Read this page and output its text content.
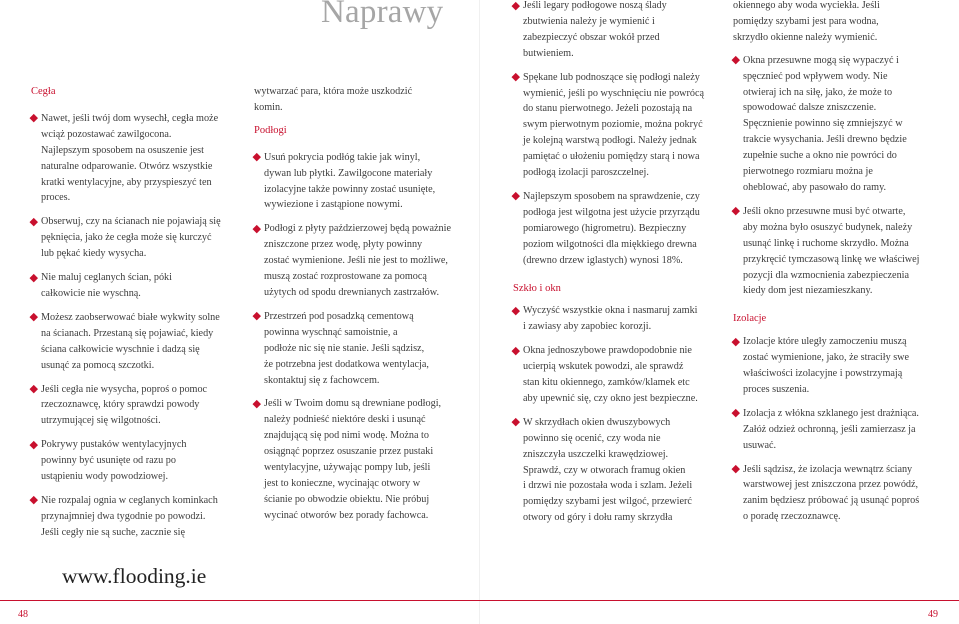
Naprawy
Cegła
Nawet, jeśli twój dom wysechł, cegła może
wciąż pozostawać zawilgocona.
Najlepszym sposobem na osuszenie jest
naturalne odparowanie. Otwórz wszystkie
kratki wentylacyjne, aby przyspieszyć ten
proces.
Obserwuj, czy na ścianach nie pojawiają się
pęknięcia, jako że cegła może się kurczyć
lub pękać kiedy wysycha.
Nie maluj ceglanych ścian, póki
całkowicie nie wyschną.
Możesz zaobserwować białe wykwity solne
na ścianach. Przestaną się pojawiać, kiedy
ściana całkowicie wyschnie i dadzą się
usunąć za pomocą szczotki.
Jeśli cegła nie wysycha, poproś o pomoc
rzeczoznawcę, który sprawdzi powody
utrzymującej się wilgotności.
Pokrywy pustaków wentylacyjnych
powinny być usunięte od razu po
ustąpieniu wody powodziowej.
Nie rozpalaj ognia w ceglanych kominkach
przynajmniej dwa tygodnie po powodzi.
Jeśli cegły nie są suche, zacznie się
wytwarzać para, która może uszkodzić
komin.
Podłogi
Usuń pokrycia podłóg takie jak winyl,
dywan lub płytki. Zawilgocone materiały
izolacyjne także powinny zostać usunięte,
wywiezione i zastąpione nowymi.
Podłogi z płyty paździerzowej będą poważnie
zniszczone przez wodę, płyty powinny
zostać wymienione. Jeśli nie jest to możliwe,
muszą zostać rozprostowane za pomocą
użytych od spodu drewnianych zastrzałów.
Przestrzeń pod posadzką cementową
powinna wyschnąć samoistnie, a
podłoże nic się nie stanie. Jeśli sądzisz,
że potrzebna jest dodatkowa wentylacja,
skontaktuj się z fachowcem.
Jeśli w Twoim domu są drewniane podłogi,
należy podnieść niektóre deski i usunąć
znajdującą się pod nimi wodę. Można to
osiągnąć poprzez osuszanie przez pustaki
wentylacyjne, używając pompy lub, jeśli
jest to konieczne, wycinając otwory w
ścianie po obwodzie obiektu. Nie próbuj
wycinać otworów bez porady fachowca.
Jeśli legary podłogowe noszą ślady
zbutwienia należy je wymienić i
zabezpieczyć obszar wokół przed
butwieniem.
Spękane lub podnoszące się podłogi należy
wymienić, jeśli po wyschnięciu nie powrócą
do stanu pierwotnego. Jeżeli pozostają na
swym pierwotnym poziomie, można pokryć
je kolejną warstwą podłogi. Należy jednak
pamiętać o ułożeniu pomiędzy starą i nowa
podłogą izolacji paroszczelnej.
Najlepszym sposobem na sprawdzenie, czy
podłoga jest wilgotna jest użycie przyrządu
pomiarowego (higrometru). Bezpieczny
poziom wilgotności dla miękkiego drewna
(drewno drzew iglastych) wynosi 18%.
Szkło i okn
Wyczyść wszystkie okna i nasmaruj zamki
i zawiasy aby zapobiec korozji.
Okna jednoszybowe prawdopodobnie nie
ucierpią wskutek powodzi, ale sprawdź
stan kitu okiennego, zamków/klamek etc
aby upewnić się, czy okno jest bezpieczne.
W skrzydłach okien dwuszybowych
powinno się ocenić, czy woda nie
zniszczyła uszczelki krawędziowej.
Sprawdź, czy w otworach framug okien
i drzwi nie pozostała woda i szlam. Jeżeli
pomiędzy szybami jest wilgoć, przewierć
otwory od góry i dołu ramy skrzydła
okiennego aby woda wyciekła. Jeśli
pomiędzy szybami jest para wodna,
skrzydło okienne należy wymienić.
Okna przesuwne mogą się wypaczyć i
spęcznieć pod wpływem wody. Nie
otwieraj ich na siłę, jako, że może to
spowodować dalsze zniszczenie.
Spęcznienie powinno się zmniejszyć w
trakcie wysychania. Jeśli drewno będzie
zupełnie suche a okno nie powróci do
pierwotnego rozmiaru można je
oheblować, aby pasowało do ramy.
Jeśli okno przesuwne musi być otwarte,
aby można było osuszyć budynek, należy
usunąć linkę i ruchome skrzydło. Można
przykręcić tymczasową linkę we właściwej
pozycji dla wzmocnienia zabezpieczenia
kiedy dom jest niezamieszkany.
Izolacje
Izolacje które uległy zamoczeniu muszą
zostać wymienione, jako, że straciły swe
właściwości izolacyjne i powstrzymają
proces suszenia.
Izolacja z włókna szklanego jest drażniąca.
Załóż odzież ochronną, jeśli zamierzasz ja
usuwać.
Jeśli sądzisz, że izolacja wewnątrz ściany
warstwowej jest zniszczona przez powódź,
zanim będziesz próbować ją usunąć poproś
o poradę rzeczoznawcę.
www.flooding.ie
48	49
